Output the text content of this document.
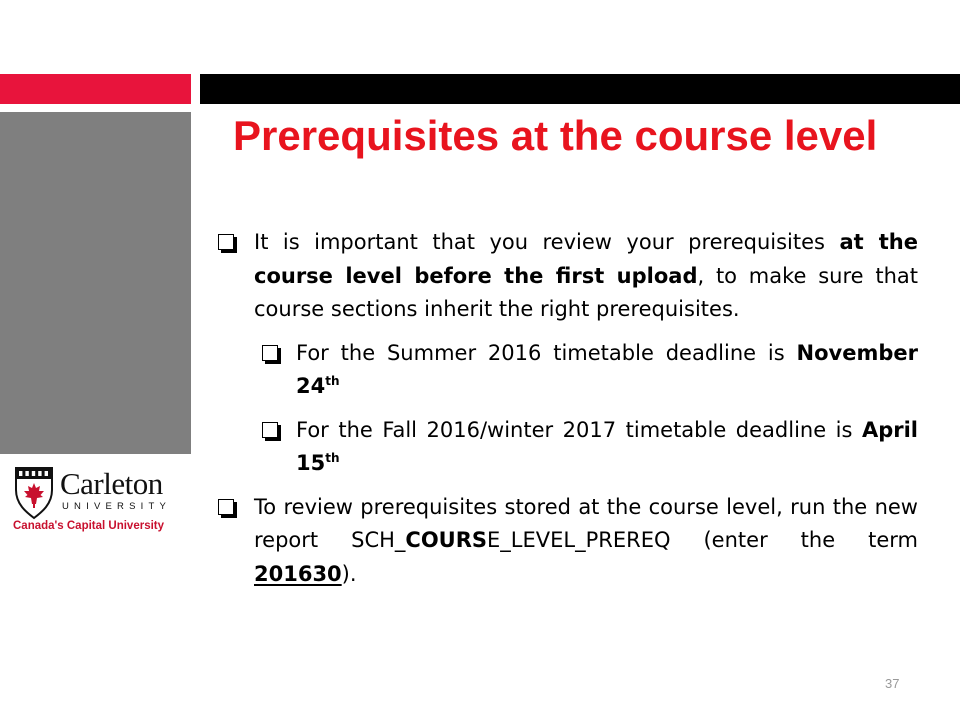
Prerequisites at the course level

It is important that you review your prerequisites at the course level before the first upload, to make sure that course sections inherit the right prerequisites.

For the Summer 2016 timetable deadline is November 24th

For the Fall 2016/winter 2017 timetable deadline is April 15th

To review prerequisites stored at the course level, run the new report SCH_COURSE_LEVEL_PREREQ (enter the term 201630).

Carleton
UNIVERSITY
Canada's Capital University
37
